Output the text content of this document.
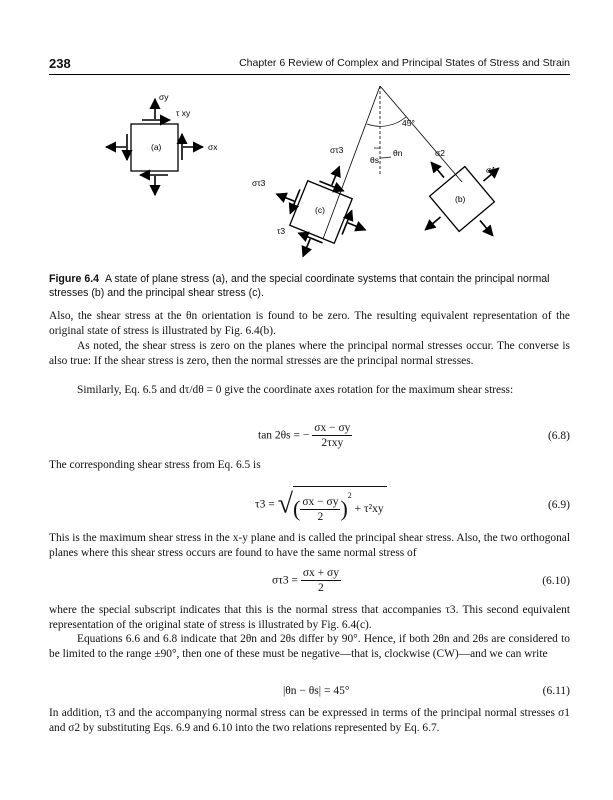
238	Chapter 6 Review of Complex and Principal States of Stress and Strain
(a)
σy
τ xy
σx
45°
θs
θn
στ3
(c)
στ3
τ3
(b)
σ2
σ1
Figure 6.4 A state of plane stress (a), and the special coordinate systems that contain the principal normal stresses (b) and the principal shear stress (c).

Also, the shear stress at the θn orientation is found to be zero. The resulting equivalent representation of the original state of stress is illustrated by Fig. 6.4(b).

As noted, the shear stress is zero on the planes where the principal normal stresses occur. The converse is also true: If the shear stress is zero, then the normal stresses are the principal normal stresses.

Similarly, Eq. 6.5 and dτ/dθ = 0 give the coordinate axes rotation for the maximum shear stress:

tan 2θs = − $\frac{\sigma x - \sigma y}{\text{2τxy}}$	(6.8)

The corresponding shear stress from Eq. 6.5 is

τ3 = √( $\frac{\sigma x - \sigma y}{2} )^2 + \tau^2xy$	(6.9)

This is the maximum shear stress in the x-y plane and is called the principal shear stress. Also, the two orthogonal planes where this shear stress occurs are found to have the same normal stress of

$\sigma\tau 3 = \frac{\sigma x + \sigma y}{2}$	(6.10)

where the special subscript indicates that this is the normal stress that accompanies τ3. This second equivalent representation of the original state of stress is illustrated by Fig. 6.4(c).

Equations 6.6 and 6.8 indicate that 2θn and 2θs differ by 90°. Hence, if both 2θn and 2θs are considered to be limited to the range ±90°, then one of these must be negative—that is, clockwise (CW)—and we can write

|θn − θs| = 45°	(6.11)

In addition, τ3 and the accompanying normal stress can be expressed in terms of the principal normal stresses σ1 and σ2 by substituting Eqs. 6.9 and 6.10 into the two relations represented by Eq. 6.7.
